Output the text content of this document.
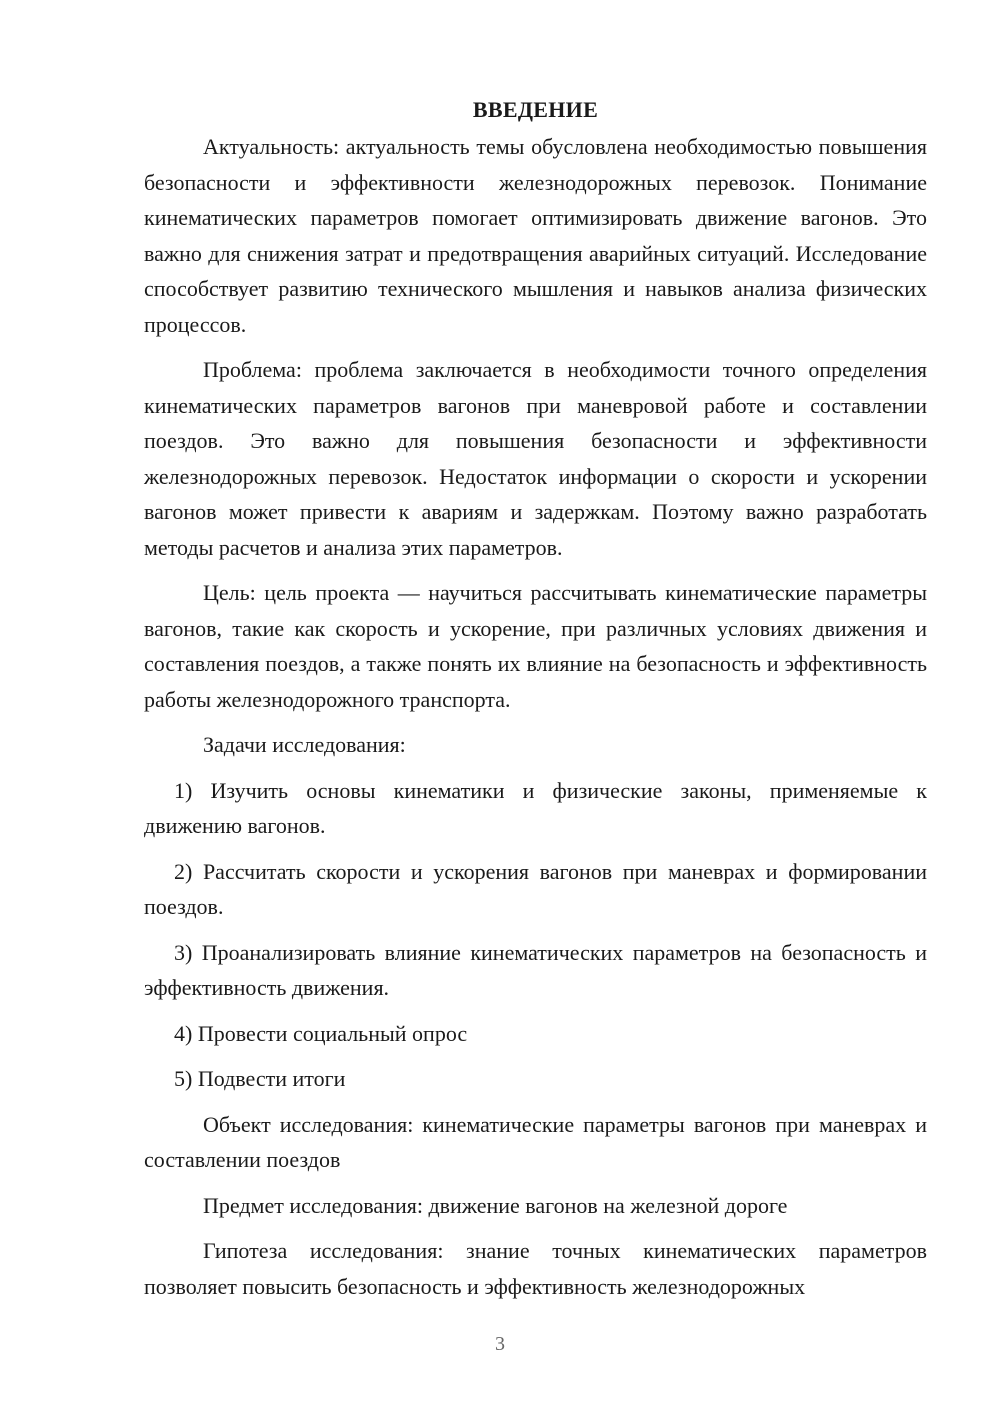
ВВЕДЕНИЕ

Актуальность: актуальность темы обусловлена необходимостью повышения безопасности и эффективности железнодорожных перевозок. Понимание кинематических параметров помогает оптимизировать движение вагонов. Это важно для снижения затрат и предотвращения аварийных ситуаций. Исследование способствует развитию технического мышления и навыков анализа физических процессов.

Проблема: проблема заключается в необходимости точного определения кинематических параметров вагонов при маневровой работе и составлении поездов. Это важно для повышения безопасности и эффективности железнодорожных перевозок. Недостаток информации о скорости и ускорении вагонов может привести к авариям и задержкам. Поэтому важно разработать методы расчетов и анализа этих параметров.

Цель: цель проекта — научиться рассчитывать кинематические параметры вагонов, такие как скорость и ускорение, при различных условиях движения и составления поездов, а также понять их влияние на безопасность и эффективность работы железнодорожного транспорта.

Задачи исследования:

1) Изучить основы кинематики и физические законы, применяемые к движению вагонов.

2) Рассчитать скорости и ускорения вагонов при маневрах и формировании поездов.

3) Проанализировать влияние кинематических параметров на безопасность и эффективность движения.

4) Провести социальный опрос

5) Подвести итоги

Объект исследования: кинематические параметры вагонов при маневрах и составлении поездов

Предмет исследования: движение вагонов на железной дороге

Гипотеза исследования: знание точных кинематических параметров позволяет повысить безопасность и эффективность железнодорожных

3
